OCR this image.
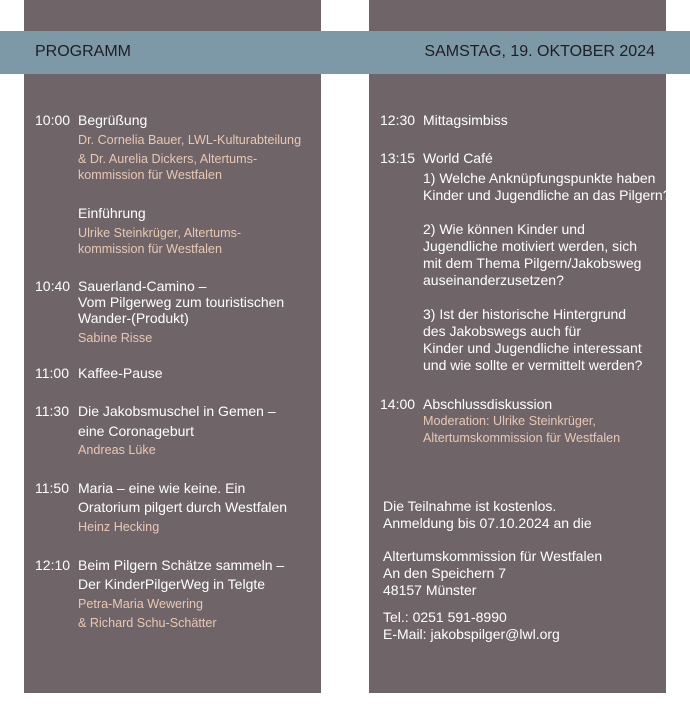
PROGRAMM	SAMSTAG, 19. OKTOBER 2024
10:00 Begrüßung
Dr. Cornelia Bauer, LWL-Kulturabteilung
& Dr. Aurelia Dickers, Altertums-
kommission für Westfalen
Einführung
Ulrike Steinkrüger, Altertums-
kommission für Westfalen
10:40 Sauerland-Camino –
Vom Pilgerweg zum touristischen
Wander-(Produkt)
Sabine Risse
11:00 Kaffee-Pause
11:30 Die Jakobsmuschel in Gemen –
eine Coronageburt
Andreas Lüke
11:50 Maria – eine wie keine. Ein
Oratorium pilgert durch Westfalen
Heinz Hecking
12:10 Beim Pilgern Schätze sammeln –
Der KinderPilgerWeg in Telgte
Petra-Maria Wewering
& Richard Schu-Schätter
12:30 Mittagsimbiss
13:15 World Café
1) Welche Anknüpfungspunkte haben
Kinder und Jugendliche an das Pilgern?
2) Wie können Kinder und
Jugendliche motiviert werden, sich
mit dem Thema Pilgern/Jakobsweg
auseinanderzusetzen?
3) Ist der historische Hintergrund
des Jakobswegs auch für
Kinder und Jugendliche interessant
und wie sollte er vermittelt werden?
14:00 Abschlussdiskussion
Moderation: Ulrike Steinkrüger,
Altertumskommission für Westfalen
Die Teilnahme ist kostenlos.
Anmeldung bis 07.10.2024 an die
Altertumskommission für Westfalen
An den Speichern 7
48157 Münster
Tel.: 0251 591-8990
E-Mail: jakobspilger@lwl.org
